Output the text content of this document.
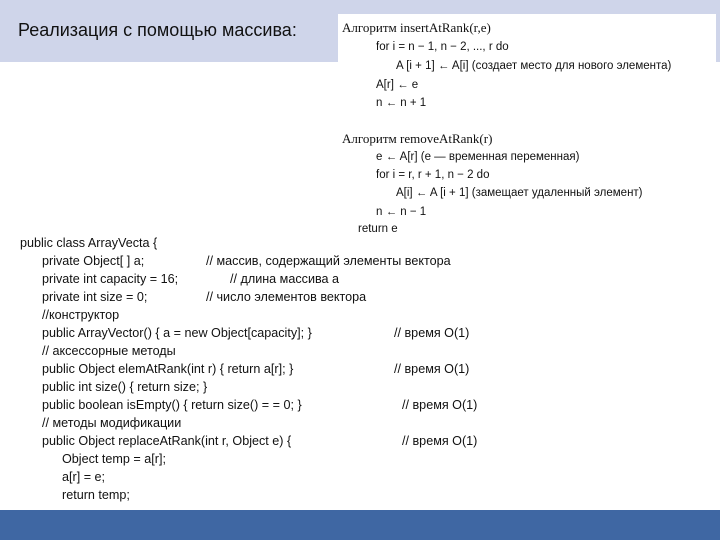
Реализация с помощью массива:	Алгоритм insertAtRank(r,e)
for i = n − 1, n − 2, ..., r do
A [i + 1] ← A[i] (создает место для нового элемента)
A[r] ← e
n ← n + 1
Алгоритм removeAtRank(r)
e ← A[r] (e — временная переменная)
for i = r, r + 1, n − 2 do
A[i] ← A [i + 1] (замещает удаленный элемент)
n ← n − 1
return e
public class ArrayVecta {
private Object[ ] a;	// массив, содержащий элементы вектора
private int capacity = 16;	// длина массива а
private int size = 0;	// число элементов вектора
//конструктор
public ArrayVector() { a = new Object[capacity]; }	// время O(1)
// аксессорные методы
public Object elemAtRank(int r) { return a[r]; }	// время O(1)
public int size() { return size; }
public boolean isEmpty() { return size() = = 0; }	// время O(1)
// методы модификации
public Object replaceAtRank(int r, Object e) {	// время O(1)
Object temp = a[r];
a[r] = e;
return temp;
